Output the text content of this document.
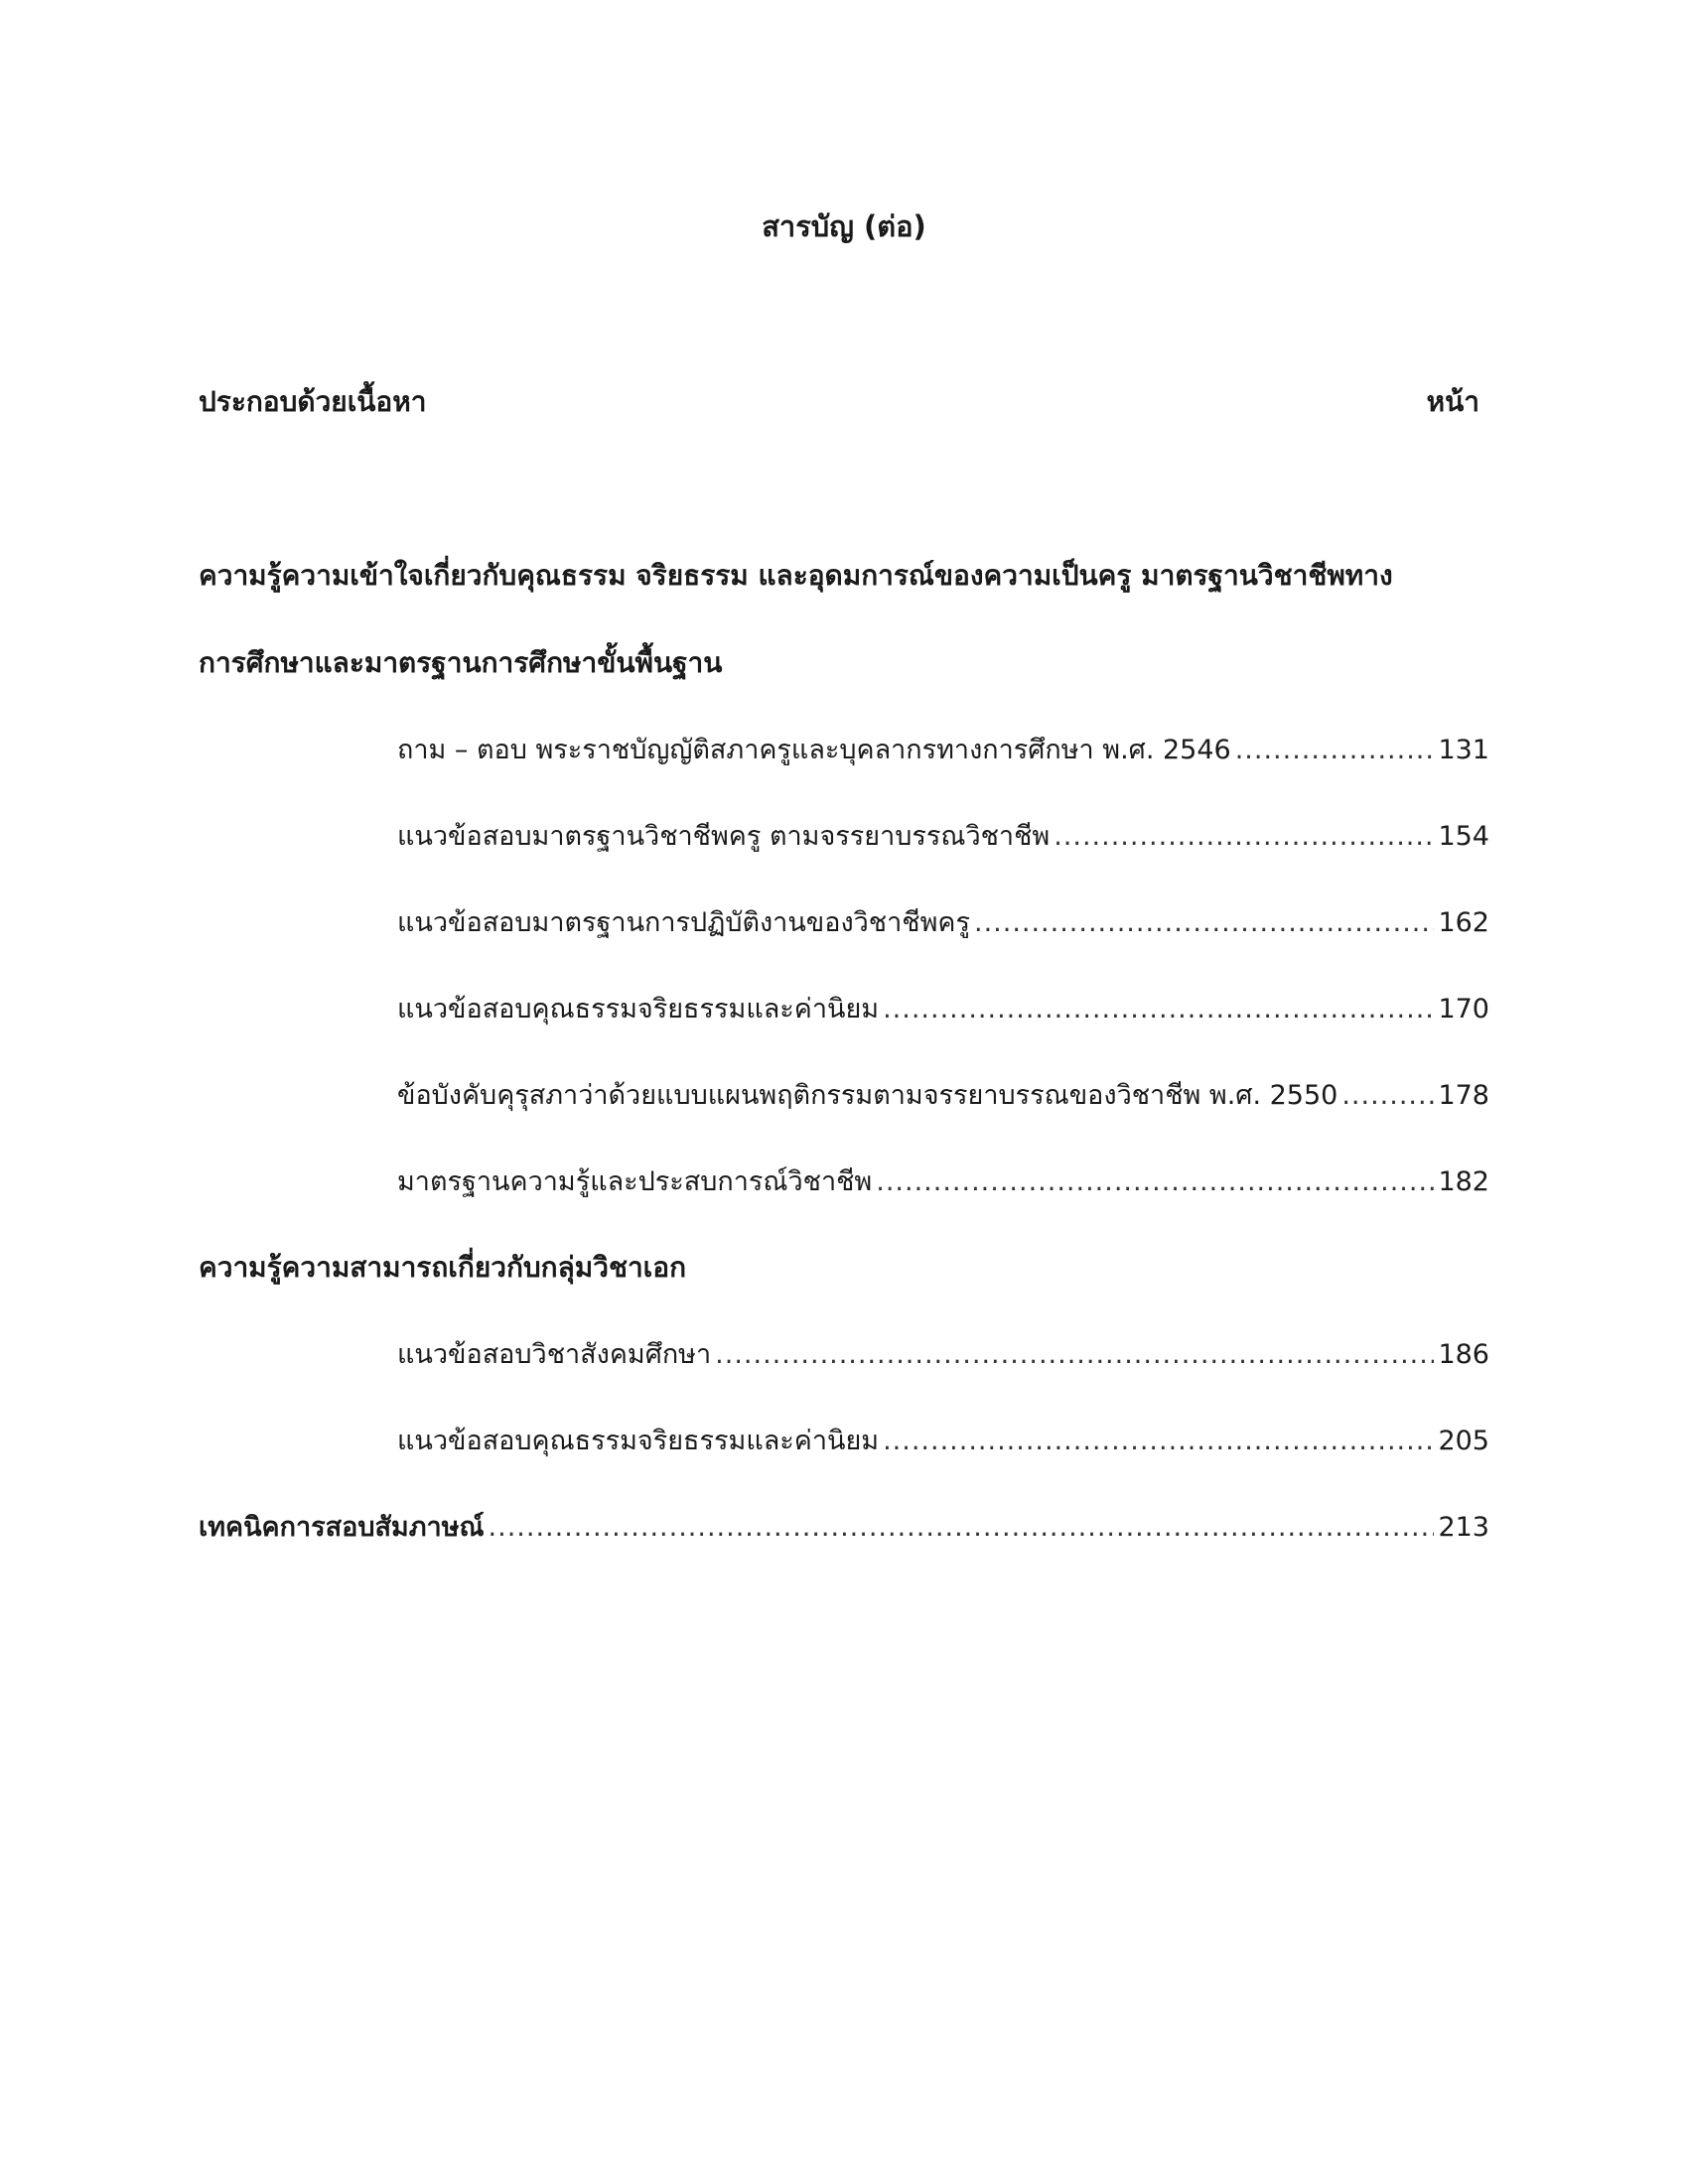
สารบัญ (ต่อ)
ประกอบด้วยเนื้อหา	หน้า
ความรู้ความเข้าใจเกี่ยวกับคุณธรรม จริยธรรม และอุดมการณ์ของความเป็นครู มาตรฐานวิชาชีพทาง
การศึกษาและมาตรฐานการศึกษาขั้นพื้นฐาน
ถาม – ตอบ พระราชบัญญัติสภาครูและบุคลากรทางการศึกษา พ.ศ. 2546 .....	131
แนวข้อสอบมาตรฐานวิชาชีพครู ตามจรรยาบรรณวิชาชีพ .....	154
แนวข้อสอบมาตรฐานการปฏิบัติงานของวิชาชีพครู .....	162
แนวข้อสอบคุณธรรมจริยธรรมและค่านิยม .....	170
ข้อบังคับคุรุสภาว่าด้วยแบบแผนพฤติกรรมตามจรรยาบรรณของวิชาชีพ พ.ศ. 2550 .....	178
มาตรฐานความรู้และประสบการณ์วิชาชีพ .....	182
ความรู้ความสามารถเกี่ยวกับกลุ่มวิชาเอก
แนวข้อสอบวิชาสังคมศึกษา .....	186
แนวข้อสอบคุณธรรมจริยธรรมและค่านิยม .....	205
เทคนิคการสอบสัมภาษณ์ .....	213
